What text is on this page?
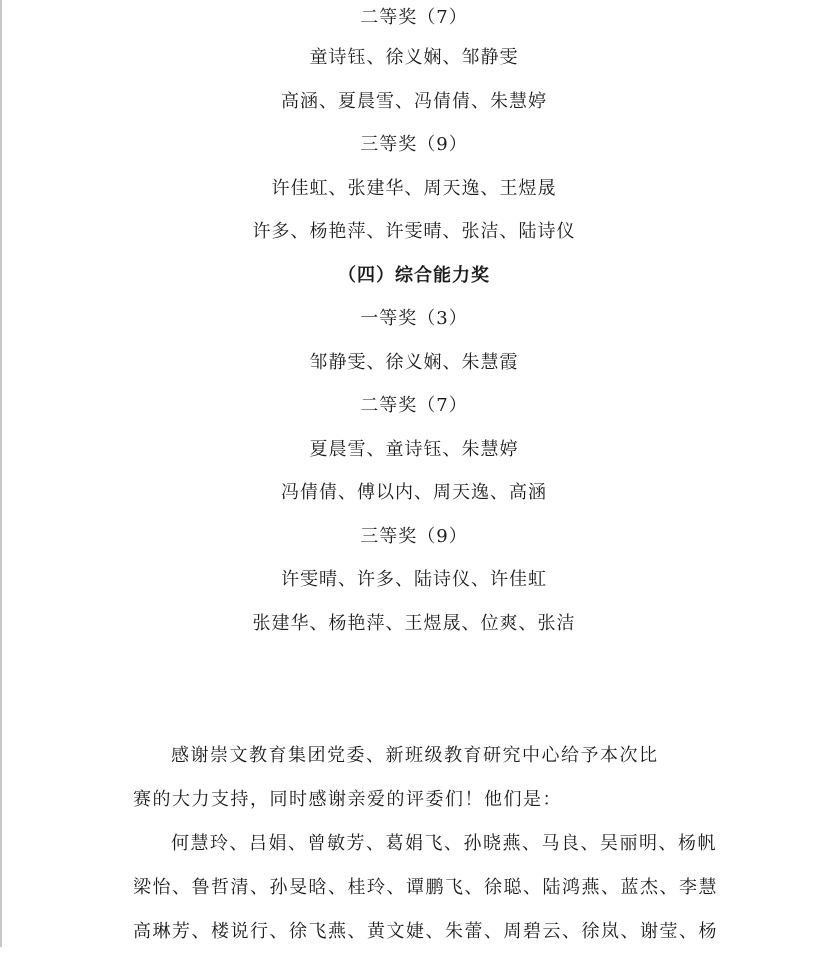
二等奖（7）
童诗钰、徐义娴、邹静雯
高涵、夏晨雪、冯倩倩、朱慧婷
三等奖（9）
许佳虹、张建华、周天逸、王煜晟
许多、杨艳萍、许雯晴、张洁、陆诗仪
（四）综合能力奖
一等奖（3）
邹静雯、徐义娴、朱慧霞
二等奖（7）
夏晨雪、童诗钰、朱慧婷
冯倩倩、傅以内、周天逸、高涵
三等奖（9）
许雯晴、许多、陆诗仪、许佳虹
张建华、杨艳萍、王煜晟、位爽、张洁
感谢崇文教育集团党委、新班级教育研究中心给予本次比
赛的大力支持，同时感谢亲爱的评委们！他们是：
何慧玲、吕娟、曾敏芳、葛娟飞、孙晓燕、马良、吴丽明、杨帆
梁怡、鲁哲清、孙旻晗、桂玲、谭鹏飞、徐聪、陆鸿燕、蓝杰、李慧
高琳芳、楼说行、徐飞燕、黄文婕、朱蕾、周碧云、徐岚、谢莹、杨
